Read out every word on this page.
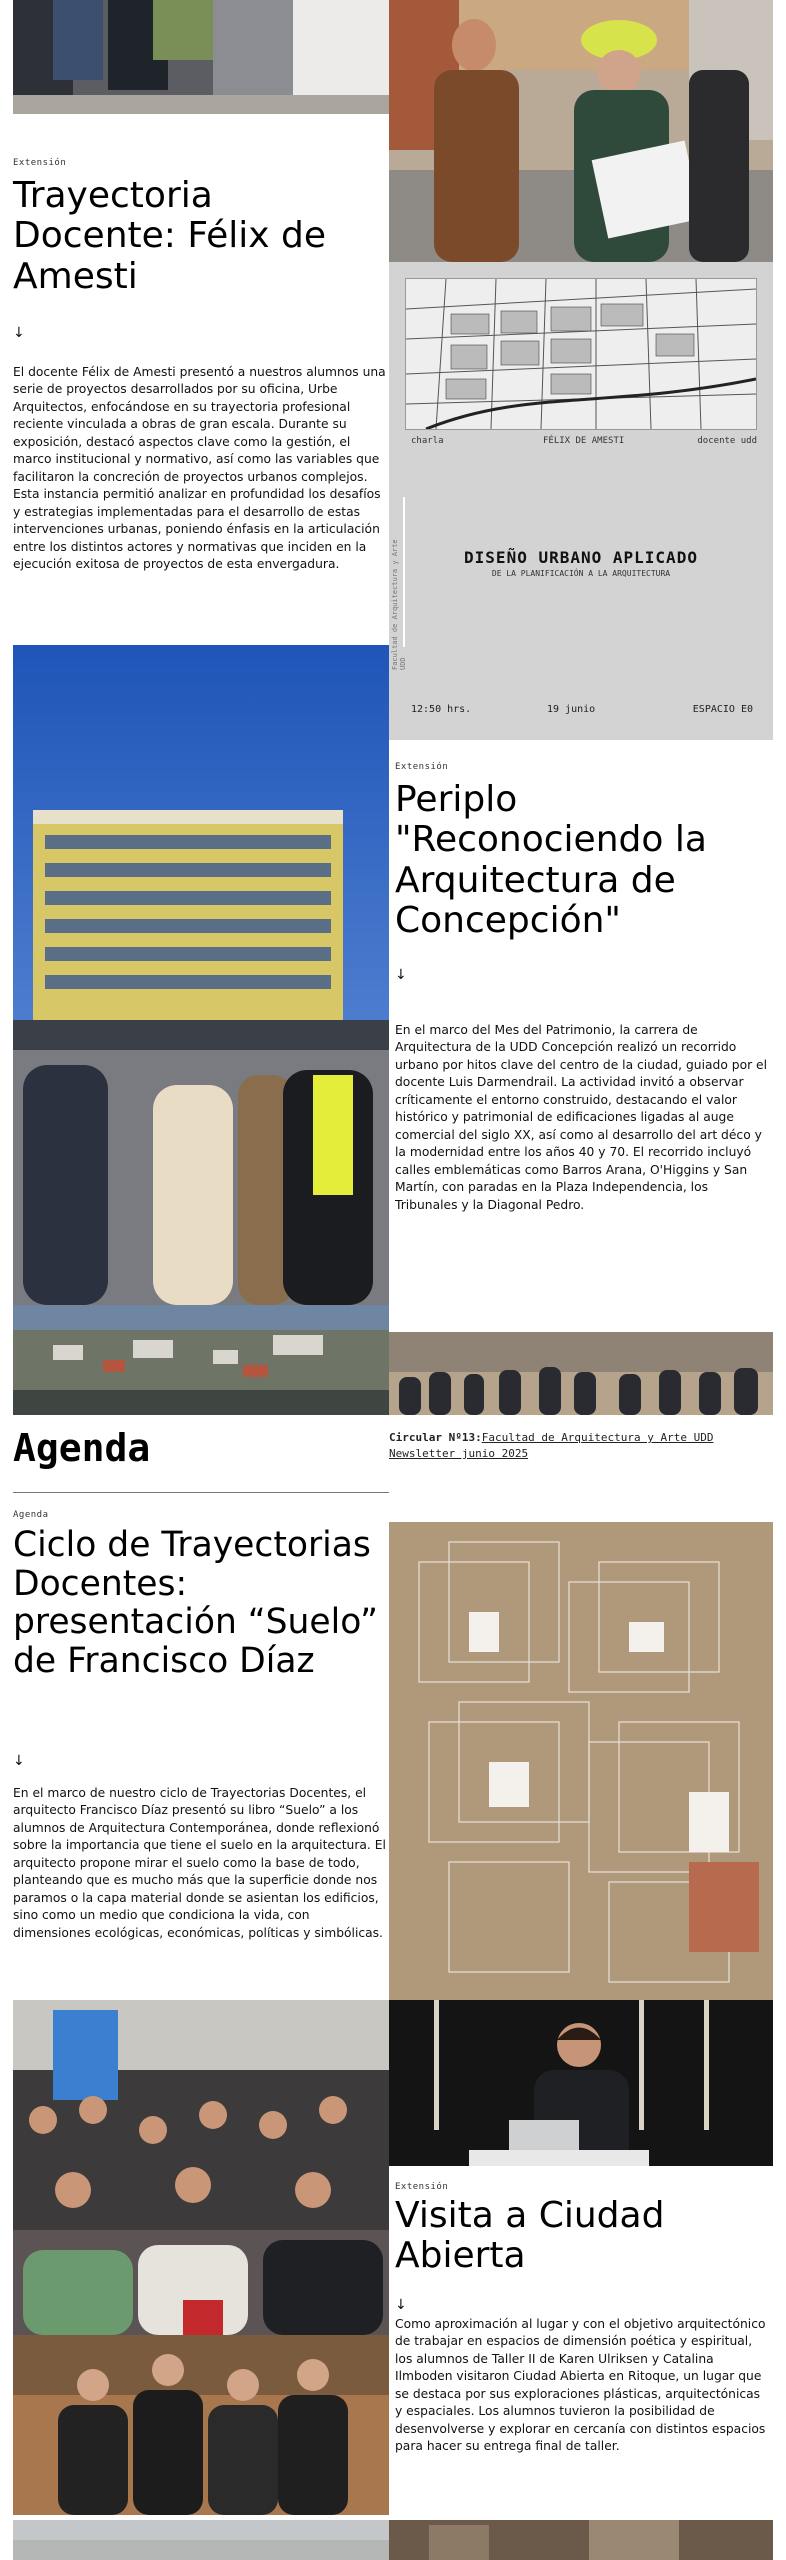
Extensión
Trayectoria Docente: Félix de Amesti
↓

El docente Félix de Amesti presentó a nuestros alumnos una serie de proyectos desarrollados por su oficina, Urbe Arquitectos, enfocándose en su trayectoria profesional reciente vinculada a obras de gran escala. Durante su exposición, destacó aspectos clave como la gestión, el marco institucional y normativo, así como las variables que facilitaron la concreción de proyectos urbanos complejos. Esta instancia permitió analizar en profundidad los desafíos y estrategias implementadas para el desarrollo de estas intervenciones urbanas, poniendo énfasis en la articulación entre los distintos actores y normativas que inciden en la ejecución exitosa de proyectos de esta envergadura.

charla	FÉLIX DE AMESTI	docente udd
DISEÑO URBANO APLICADO
DE LA PLANIFICACIÓN A LA ARQUITECTURA
Facultad de Arquitectura y Arte UDD
12:50 hrs.	19 junio	ESPACIO E0
Extensión
Periplo "Reconociendo la Arquitectura de Concepción"
↓

En el marco del Mes del Patrimonio, la carrera de Arquitectura de la UDD Concepción realizó un recorrido urbano por hitos clave del centro de la ciudad, guiado por el docente Luis Darmendrail. La actividad invitó a observar críticamente el entorno construido, destacando el valor histórico y patrimonial de edificaciones ligadas al auge comercial del siglo XX, así como al desarrollo del art déco y la modernidad entre los años 40 y 70. El recorrido incluyó calles emblemáticas como Barros Arana, O'Higgins y San Martín, con paradas en la Plaza Independencia, los Tribunales y la Diagonal Pedro.

Agenda	Circular Nº13:Facultad de Arquitectura y Arte UDD
Newsletter junio 2025
Agenda
Ciclo de Trayectorias Docentes: presentación “Suelo” de Francisco Díaz
↓

En el marco de nuestro ciclo de Trayectorias Docentes, el arquitecto Francisco Díaz presentó su libro “Suelo” a los alumnos de Arquitectura Contemporánea, donde reflexionó sobre la importancia que tiene el suelo en la arquitectura. El arquitecto propone mirar el suelo como la base de todo, planteando que es mucho más que la superficie donde nos paramos o la capa material donde se asientan los edificios, sino como un medio que condiciona la vida, con dimensiones ecológicas, económicas, políticas y simbólicas.

Extensión
Visita a Ciudad Abierta
↓

Como aproximación al lugar y con el objetivo arquitectónico de trabajar en espacios de dimensión poética y espiritual, los alumnos de Taller II de Karen Ulriksen y Catalina Ilmboden visitaron Ciudad Abierta en Ritoque, un lugar que se destaca por sus exploraciones plásticas, arquitectónicas y espaciales. Los alumnos tuvieron la posibilidad de desenvolverse y explorar en cercanía con distintos espacios para hacer su entrega final de taller.
